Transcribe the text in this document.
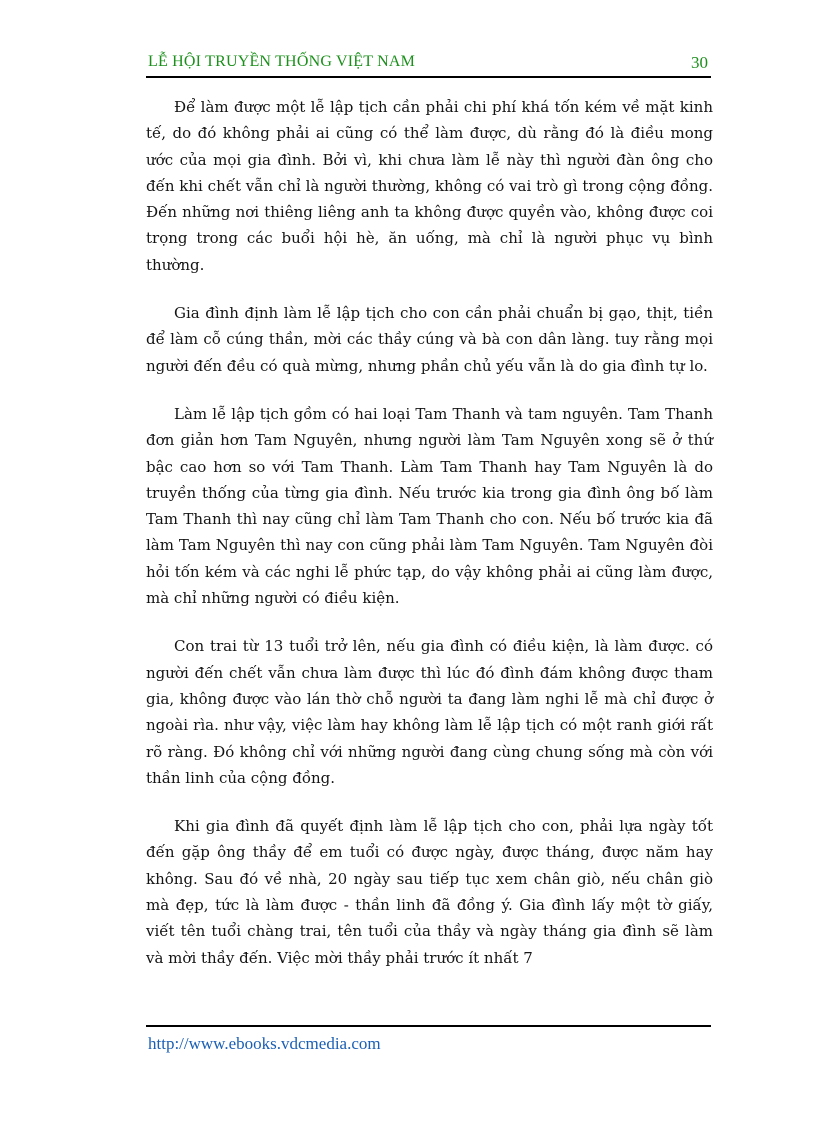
LỄ HỘI TRUYỀN THỐNG VIỆT NAM	30

Để làm được một lễ lập tịch cần phải chi phí khá tốn kém về mặt kinh tế, do đó không phải ai cũng có thể làm được, dù rằng đó là điều mong ước của mọi gia đình. Bởi vì, khi chưa làm lễ này thì người đàn ông cho đến khi chết vẫn chỉ là người thường, không có vai trò gì trong cộng đồng. Đến những nơi thiêng liêng anh ta không được quyền vào, không được coi trọng trong các buổi hội hè, ăn uống, mà chỉ là người phục vụ bình thường.

Gia đình định làm lễ lập tịch cho con cần phải chuẩn bị gạo, thịt, tiền để làm cỗ cúng thần, mời các thầy cúng và bà con dân làng. tuy rằng mọi người đến đều có quà mừng, nhưng phần chủ yếu vẫn là do gia đình tự lo.

Làm lễ lập tịch gồm có hai loại Tam Thanh và tam nguyên. Tam Thanh đơn giản hơn Tam Nguyên, nhưng người làm Tam Nguyên xong sẽ ở thứ bậc cao hơn so với Tam Thanh. Làm Tam Thanh hay Tam Nguyên là do truyền thống của từng gia đình. Nếu trước kia trong gia đình ông bố làm Tam Thanh thì nay cũng chỉ làm Tam Thanh cho con. Nếu bố trước kia đã làm Tam Nguyên thì nay con cũng phải làm Tam Nguyên. Tam Nguyên đòi hỏi tốn kém và các nghi lễ phức tạp, do vậy không phải ai cũng làm được, mà chỉ những người có điều kiện.

Con trai từ 13 tuổi trở lên, nếu gia đình có điều kiện, là làm được. có người đến chết vẫn chưa làm được thì lúc đó đình đám không được tham gia, không được vào lán thờ chỗ người ta đang làm nghi lễ mà chỉ được ở ngoài rìa. như vậy, việc làm hay không làm lễ lập tịch có một ranh giới rất rõ ràng. Đó không chỉ với những người đang cùng chung sống mà còn với thần linh của cộng đồng.

Khi gia đình đã quyết định làm lễ lập tịch cho con, phải lựa ngày tốt đến gặp ông thầy để em tuổi có được ngày, được tháng, được năm hay không. Sau đó về nhà, 20 ngày sau tiếp tục xem chân giò, nếu chân giò mà đẹp, tức là làm được - thần linh đã đồng ý. Gia đình lấy một tờ giấy, viết tên tuổi chàng trai, tên tuổi của thầy và ngày tháng gia đình sẽ làm và mời thầy đến. Việc mời thầy phải trước ít nhất 7

http://www.ebooks.vdcmedia.com
